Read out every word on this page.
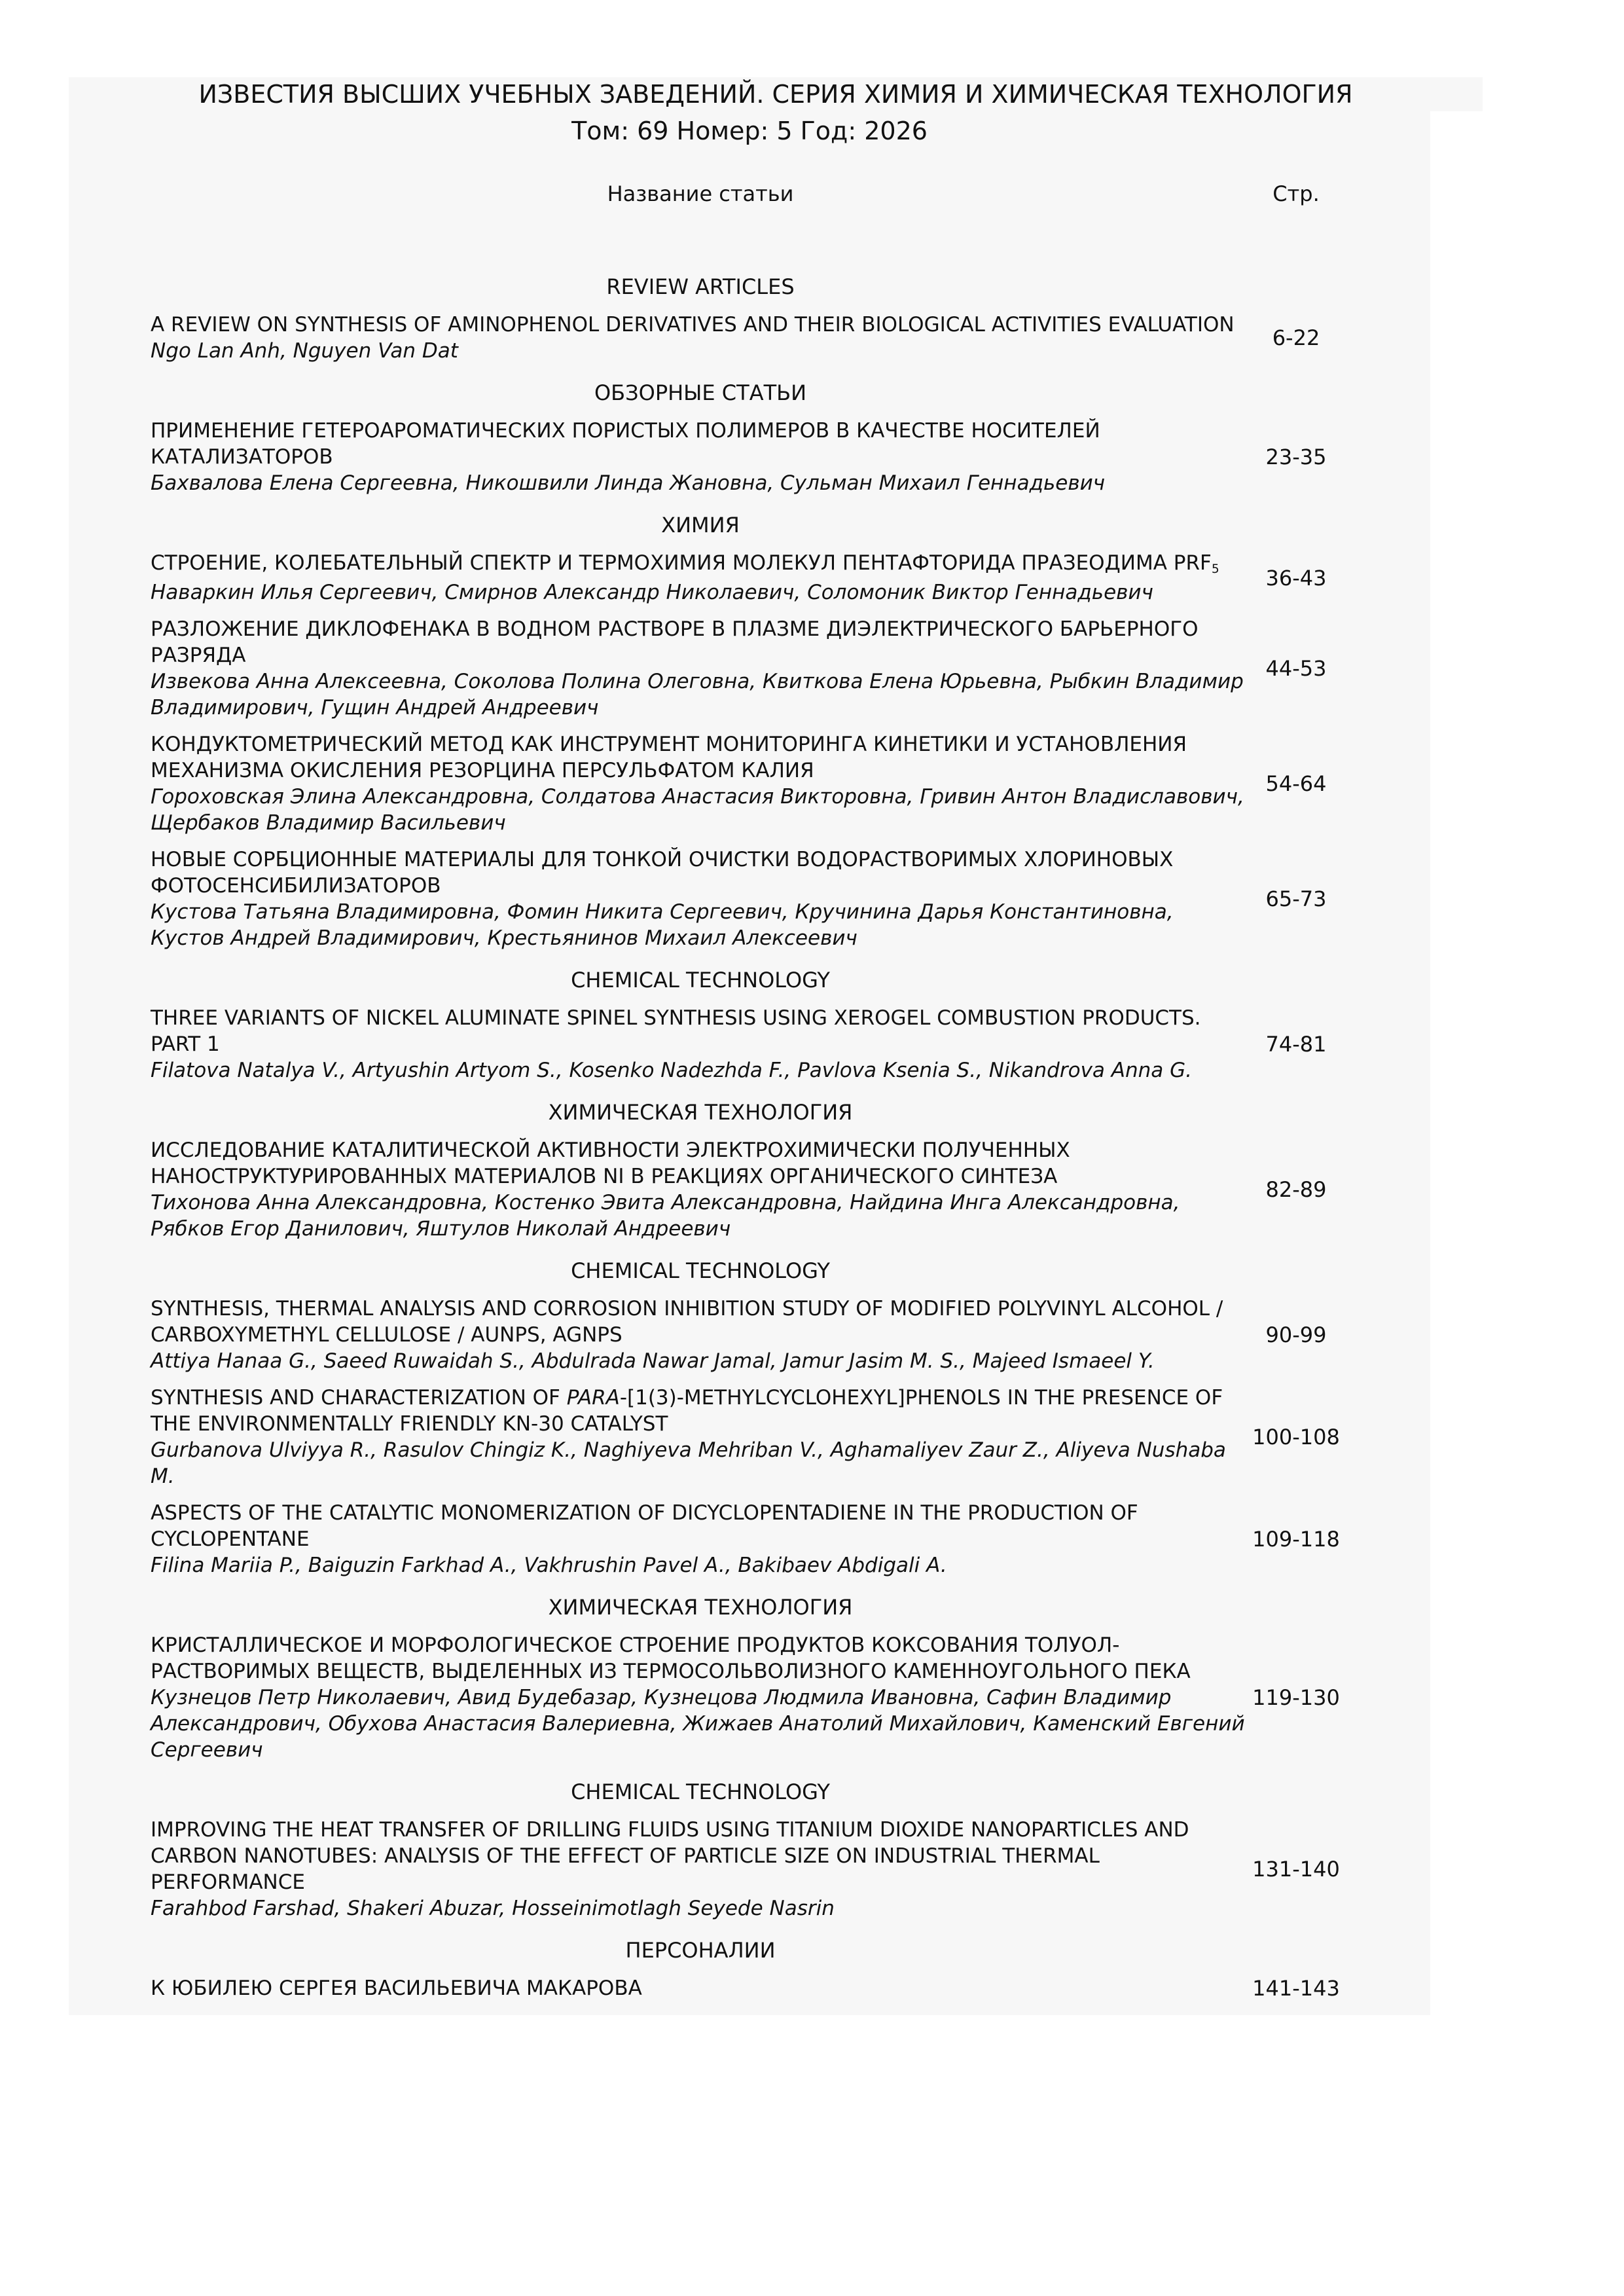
ИЗВЕСТИЯ ВЫСШИХ УЧЕБНЫХ ЗАВЕДЕНИЙ. СЕРИЯ ХИМИЯ И ХИМИЧЕСКАЯ ТЕХНОЛОГИЯ
Том: 69 Номер: 5 Год: 2026
Название статьи	Стр.
REVIEW ARTICLES
A REVIEW ON SYNTHESIS OF AMINOPHENOL DERIVATIVES AND THEIR BIOLOGICAL ACTIVITIES EVALUATION
Ngo Lan Anh, Nguyen Van Dat
6-22
ОБЗОРНЫЕ СТАТЬИ
ПРИМЕНЕНИЕ ГЕТЕРОАРОМАТИЧЕСКИХ ПОРИСТЫХ ПОЛИМЕРОВ В КАЧЕСТВЕ НОСИТЕЛЕЙ КАТАЛИЗАТОРОВ
Бахвалова Елена Сергеевна, Никошвили Линда Жановна, Сульман Михаил Геннадьевич
23-35
ХИМИЯ
СТРОЕНИЕ, КОЛЕБАТЕЛЬНЫЙ СПЕКТР И ТЕРМОХИМИЯ МОЛЕКУЛ ПЕНТАФТОРИДА ПРАЗЕОДИМА $PRF_5$
Наваркин Илья Сергеевич, Смирнов Александр Николаевич, Соломоник Виктор Геннадьевич
36-43
РАЗЛОЖЕНИЕ ДИКЛОФЕНАКА В ВОДНОМ РАСТВОРЕ В ПЛАЗМЕ ДИЭЛЕКТРИЧЕСКОГО БАРЬЕРНОГО РАЗРЯДА
Извекова Анна Алексеевна, Соколова Полина Олеговна, Квиткова Елена Юрьевна, Рыбкин Владимир Владимирович, Гущин Андрей Андреевич
44-53
КОНДУКТОМЕТРИЧЕСКИЙ МЕТОД КАК ИНСТРУМЕНТ МОНИТОРИНГА КИНЕТИКИ И УСТАНОВЛЕНИЯ МЕХАНИЗМА ОКИСЛЕНИЯ РЕЗОРЦИНА ПЕРСУЛЬФАТОМ КАЛИЯ
Гороховская Элина Александровна, Солдатова Анастасия Викторовна, Гривин Антон Владиславович, Щербаков Владимир Васильевич
54-64
НОВЫЕ СОРБЦИОННЫЕ МАТЕРИАЛЫ ДЛЯ ТОНКОЙ ОЧИСТКИ ВОДОРАСТВОРИМЫХ ХЛОРИНОВЫХ ФОТОСЕНСИБИЛИЗАТОРОВ
Кустова Татьяна Владимировна, Фомин Никита Сергеевич, Кручинина Дарья Константиновна, Кустов Андрей Владимирович, Крестьянинов Михаил Алексеевич
65-73
CHEMICAL TECHNOLOGY
THREE VARIANTS OF NICKEL ALUMINATE SPINEL SYNTHESIS USING XEROGEL COMBUSTION PRODUCTS. PART 1
Filatova Natalya V., Artyushin Artyom S., Kosenko Nadezhda F., Pavlova Ksenia S., Nikandrova Anna G.
74-81
ХИМИЧЕСКАЯ ТЕХНОЛОГИЯ
ИССЛЕДОВАНИЕ КАТАЛИТИЧЕСКОЙ АКТИВНОСТИ ЭЛЕКТРОХИМИЧЕСКИ ПОЛУЧЕННЫХ НАНОСТРУКТУРИРОВАННЫХ МАТЕРИАЛОВ NI В РЕАКЦИЯХ ОРГАНИЧЕСКОГО СИНТЕЗА
Тихонова Анна Александровна, Костенко Эвита Александровна, Найдина Инга Александровна, Рябков Егор Данилович, Яштулов Николай Андреевич
82-89
CHEMICAL TECHNOLOGY
SYNTHESIS, THERMAL ANALYSIS AND CORROSION INHIBITION STUDY OF MODIFIED POLYVINYL ALCOHOL / CARBOXYMETHYL CELLULOSE / AUNPS, AGNPS
Attiya Hanaa G., Saeed Ruwaidah S., Abdulrada Nawar Jamal, Jamur Jasim M. S., Majeed Ismaeel Y.
90-99
SYNTHESIS AND CHARACTERIZATION OF PARA-[1(3)-METHYLCYCLOHEXYL]PHENOLS IN THE PRESENCE OF THE ENVIRONMENTALLY FRIENDLY KN-30 CATALYST
Gurbanova Ulviyya R., Rasulov Chingiz K., Naghiyeva Mehriban V., Aghamaliyev Zaur Z., Aliyeva Nushaba M.
100-108
ASPECTS OF THE CATALYTIC MONOMERIZATION OF DICYCLOPENTADIENE IN THE PRODUCTION OF CYCLOPENTANE
Filina Mariia P., Baiguzin Farkhad A., Vakhrushin Pavel A., Bakibaev Abdigali A.
109-118
ХИМИЧЕСКАЯ ТЕХНОЛОГИЯ
КРИСТАЛЛИЧЕСКОЕ И МОРФОЛОГИЧЕСКОЕ СТРОЕНИЕ ПРОДУКТОВ КОКСОВАНИЯ ТОЛУОЛ-РАСТВОРИМЫХ ВЕЩЕСТВ, ВЫДЕЛЕННЫХ ИЗ ТЕРМОСОЛЬВОЛИЗНОГО КАМЕННОУГОЛЬНОГО ПЕКА
Кузнецов Петр Николаевич, Авид Будебазар, Кузнецова Людмила Ивановна, Сафин Владимир Александрович, Обухова Анастасия Валериевна, Жижаев Анатолий Михайлович, Каменский Евгений Сергеевич
119-130
CHEMICAL TECHNOLOGY
IMPROVING THE HEAT TRANSFER OF DRILLING FLUIDS USING TITANIUM DIOXIDE NANOPARTICLES AND CARBON NANOTUBES: ANALYSIS OF THE EFFECT OF PARTICLE SIZE ON INDUSTRIAL THERMAL PERFORMANCE
Farahbod Farshad, Shakeri Abuzar, Hosseinimotlagh Seyede Nasrin
131-140
ПЕРСОНАЛИИ
К ЮБИЛЕЮ СЕРГЕЯ ВАСИЛЬЕВИЧА МАКАРОВА	141-143
